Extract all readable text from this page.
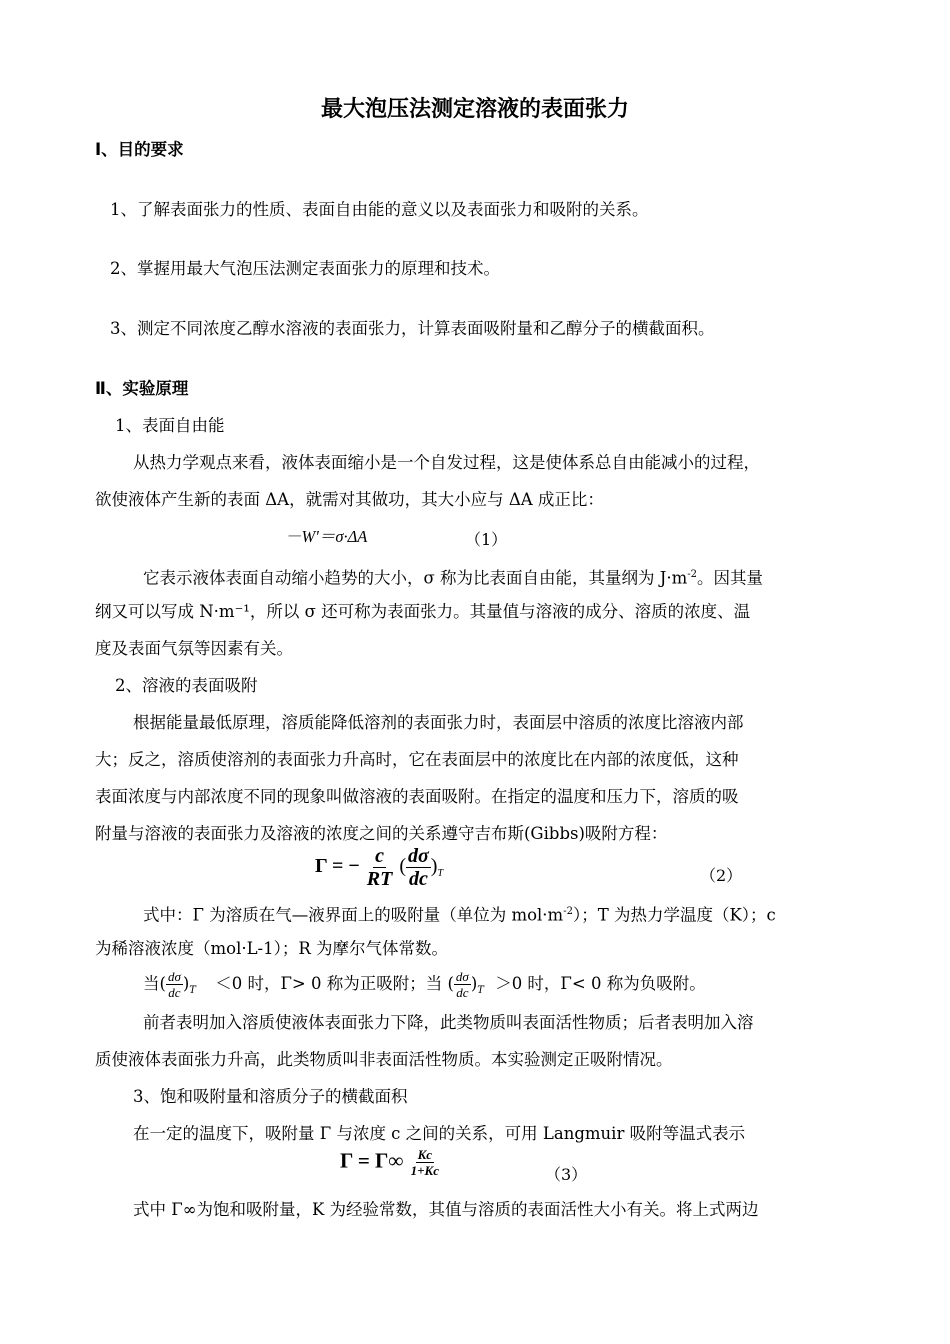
最大泡压法测定溶液的表面张力
Ⅰ、目的要求
1、了解表面张力的性质、表面自由能的意义以及表面张力和吸附的关系。
2、掌握用最大气泡压法测定表面张力的原理和技术。
3、测定不同浓度乙醇水溶液的表面张力，计算表面吸附量和乙醇分子的横截面积。
Ⅱ、实验原理
1、表面自由能
从热力学观点来看，液体表面缩小是一个自发过程，这是使体系总自由能减小的过程，
欲使液体产生新的表面 ΔA，就需对其做功，其大小应与 ΔA 成正比：
－W′＝σ·ΔA	（1）
它表示液体表面自动缩小趋势的大小，σ 称为比表面自由能，其量纲为 $J\cdot m^{-2}$。因其量
纲又可以写成 N·m⁻¹，所以 σ 还可称为表面张力。其量值与溶液的成分、溶质的浓度、温
度及表面气氛等因素有关。
2、溶液的表面吸附
根据能量最低原理，溶质能降低溶剂的表面张力时，表面层中溶质的浓度比溶液内部
大；反之，溶质使溶剂的表面张力升高时，它在表面层中的浓度比在内部的浓度低，这种
表面浓度与内部浓度不同的现象叫做溶液的表面吸附。在指定的温度和压力下，溶质的吸
附量与溶液的表面张力及溶液的浓度之间的关系遵守吉布斯(Gibbs)吸附方程：
Γ = − $\frac{c}{RT}$ ( $\frac{d\sigma}{dc} )_T$	（2）
式中：Γ 为溶质在气—液界面上的吸附量（单位为 $mol\cdot m^{-2}$）；T 为热力学温度（K）；c
为稀溶液浓度（mol·L-1）；R 为摩尔气体常数。
当( $\frac{d\sigma}{dc} )_T <0$ 时，Γ> 0 称为正吸附；当 ( $\frac{d\sigma}{dc} )_T >0$ 时，Γ< 0 称为负吸附。
前者表明加入溶质使液体表面张力下降，此类物质叫表面活性物质；后者表明加入溶
质使液体表面张力升高，此类物质叫非表面活性物质。本实验测定正吸附情况。
3、饱和吸附量和溶质分子的横截面积
在一定的温度下，吸附量 Γ 与浓度 c 之间的关系，可用 Langmuir 吸附等温式表示
$\Gamma = \Gamma\infty \frac{Kc}{1+Kc}$	（3）
式中 Γ∞为饱和吸附量，K 为经验常数，其值与溶质的表面活性大小有关。将上式两边
